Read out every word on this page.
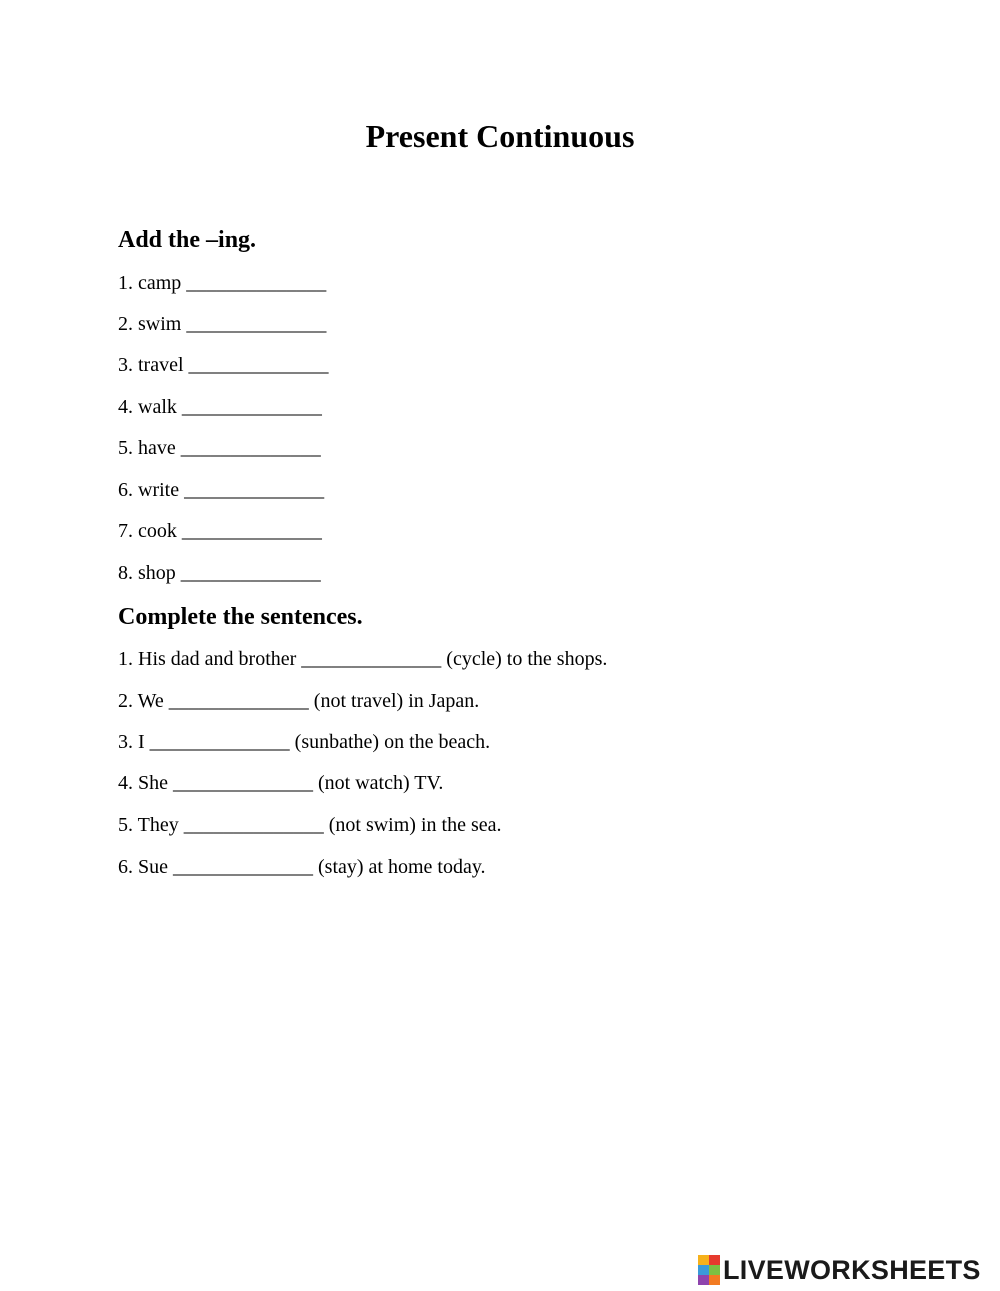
Present Continuous
Add the –ing.
1. camp ______________
2. swim ______________
3. travel ______________
4. walk ______________
5. have ______________
6. write ______________
7. cook ______________
8. shop ______________
Complete the sentences.
1. His dad and brother ______________ (cycle) to the shops.
2. We ______________ (not travel) in Japan.
3. I ______________ (sunbathe) on the beach.
4. She ______________ (not watch) TV.
5. They ______________ (not swim) in the sea.
6. Sue ______________ (stay) at home today.
LIVEWORKSHEETS
